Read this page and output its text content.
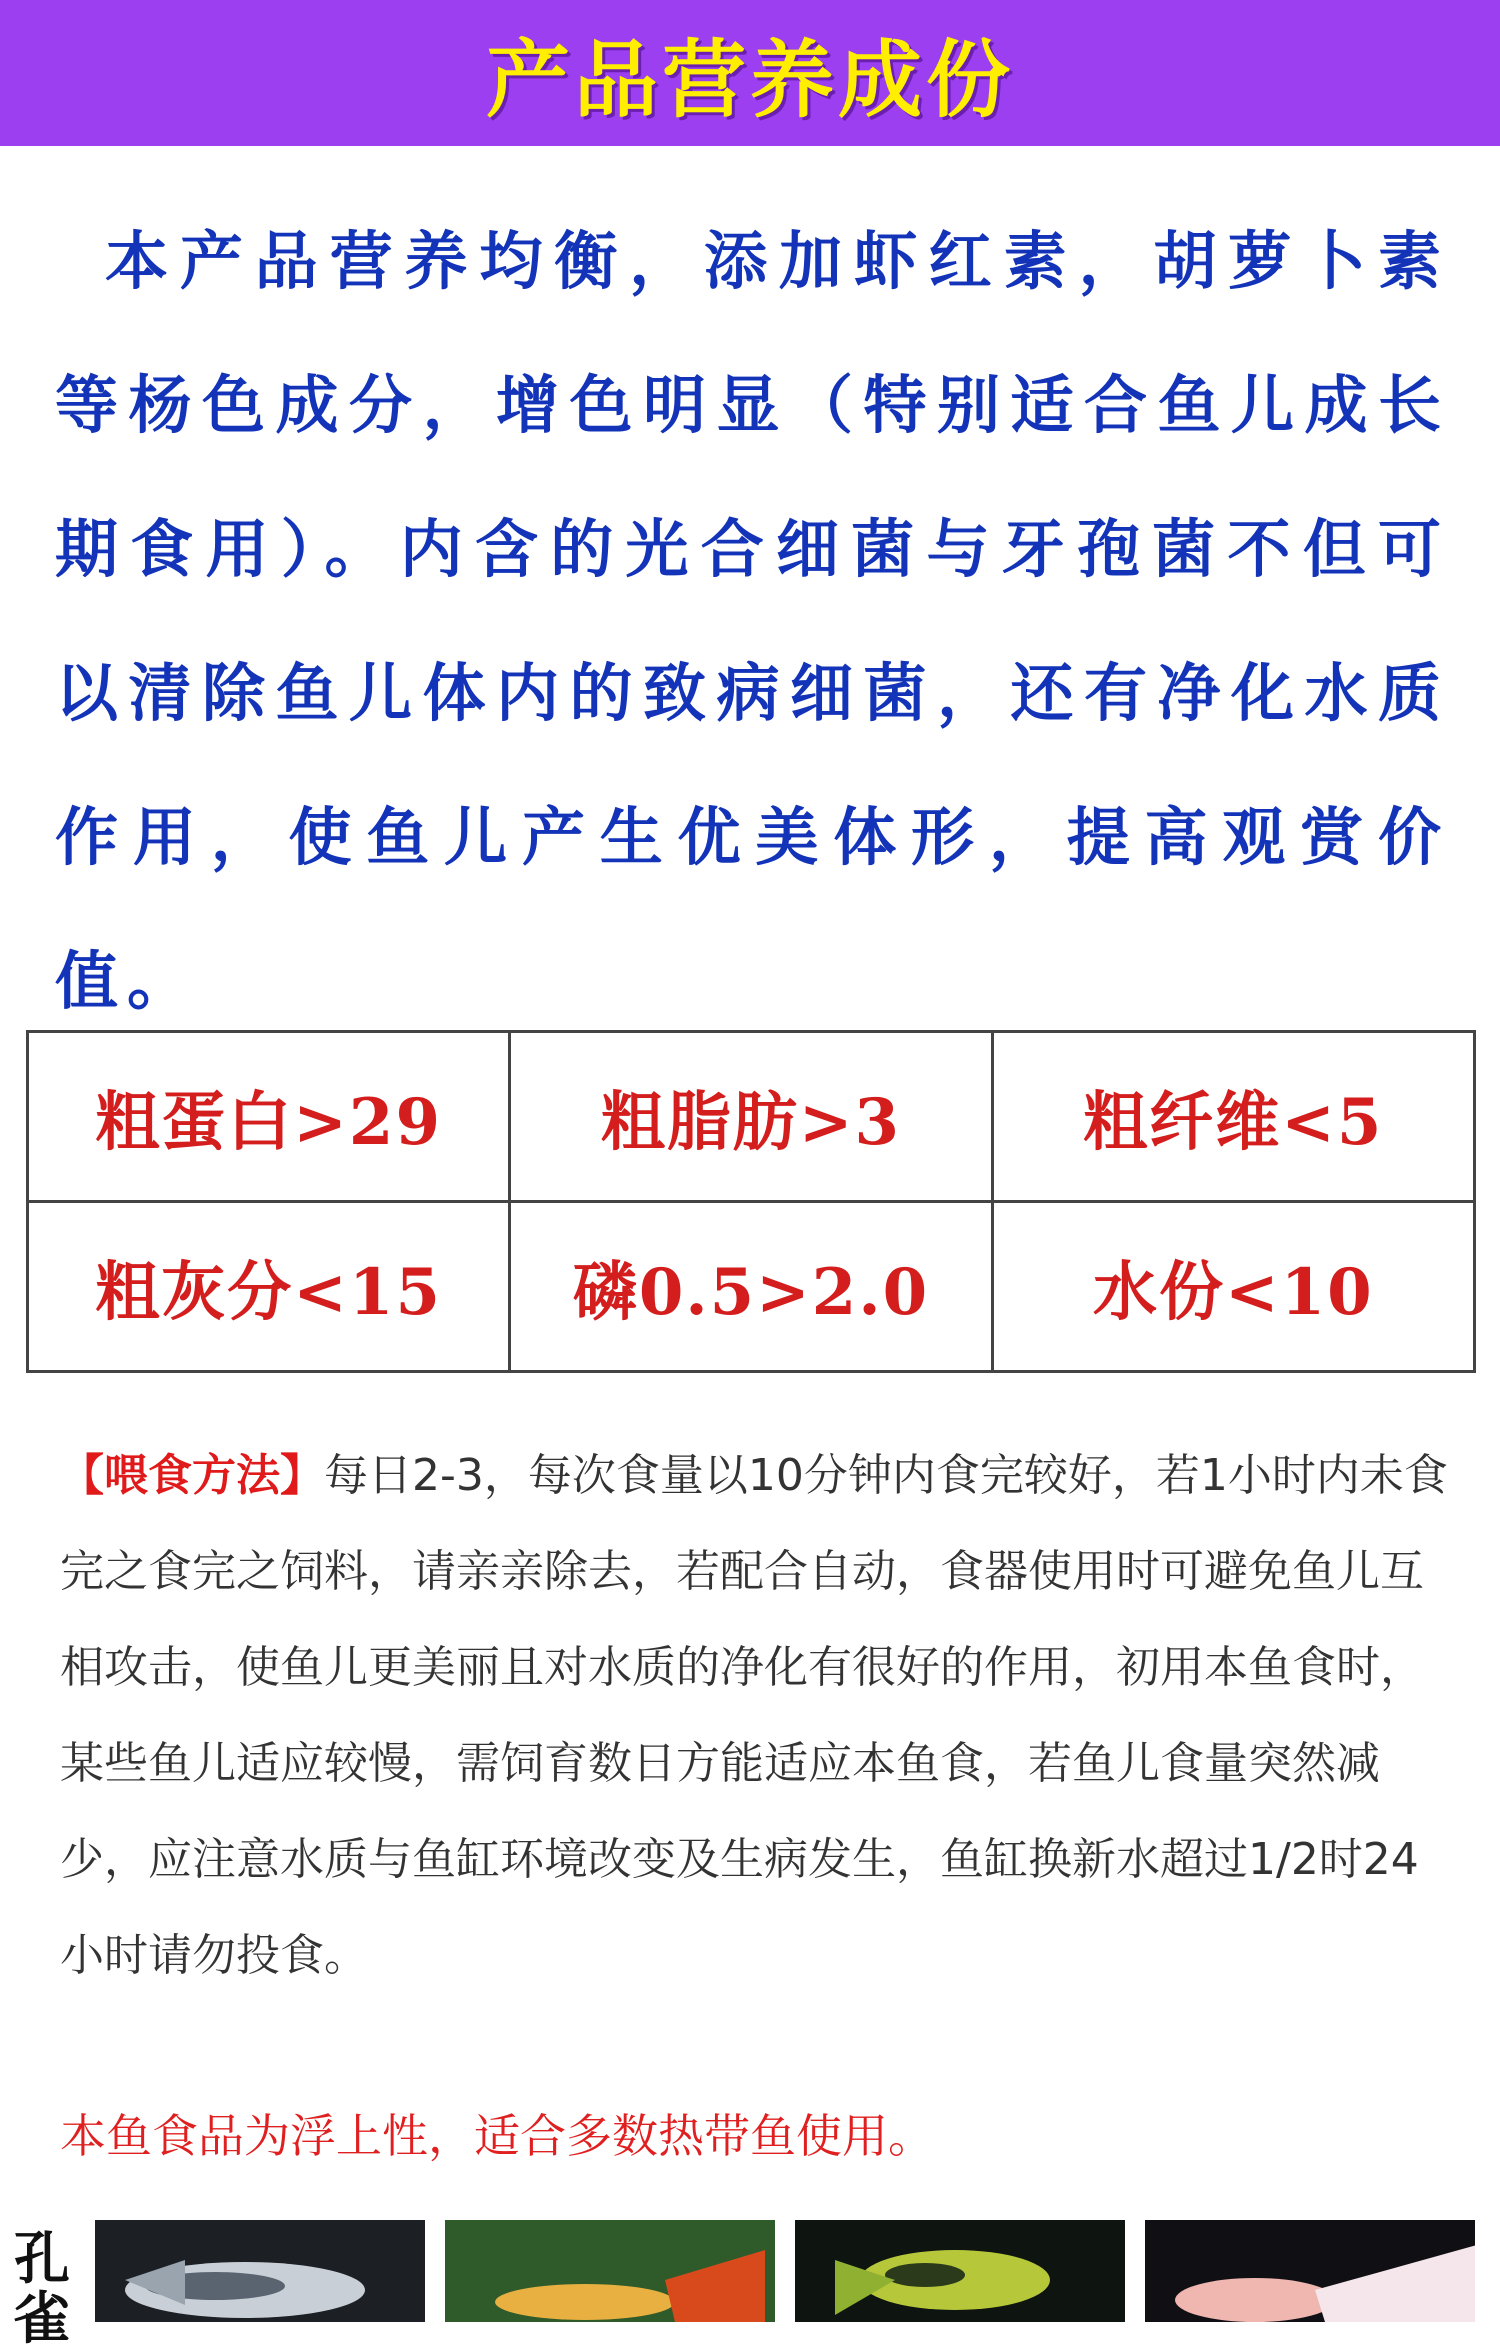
产品营养成份

本产品营养均衡，添加虾红素，胡萝卜素等杨色成分，增色明显（特别适合鱼儿成长期食用）。内含的光合细菌与牙孢菌不但可以清除鱼儿体内的致病细菌，还有净化水质作用，使鱼儿产生优美体形，提高观赏价值。

粗蛋白>29	粗脂肪>3	粗纤维<5
粗灰分<15	磷0.5>2.0	水份<10

【喂食方法】每日2-3，每次食量以10分钟内食完较好，若1小时内未食完之食完之饲料，请亲亲除去，若配合自动，食器使用时可避免鱼儿互相攻击，使鱼儿更美丽且对水质的净化有很好的作用，初用本鱼食时，某些鱼儿适应较慢，需饲育数日方能适应本鱼食，若鱼儿食量突然减少，应注意水质与鱼缸环境改变及生病发生，鱼缸换新水超过1/2时24小时请勿投食。

本鱼食品为浮上性，适合多数热带鱼使用。

孔雀
